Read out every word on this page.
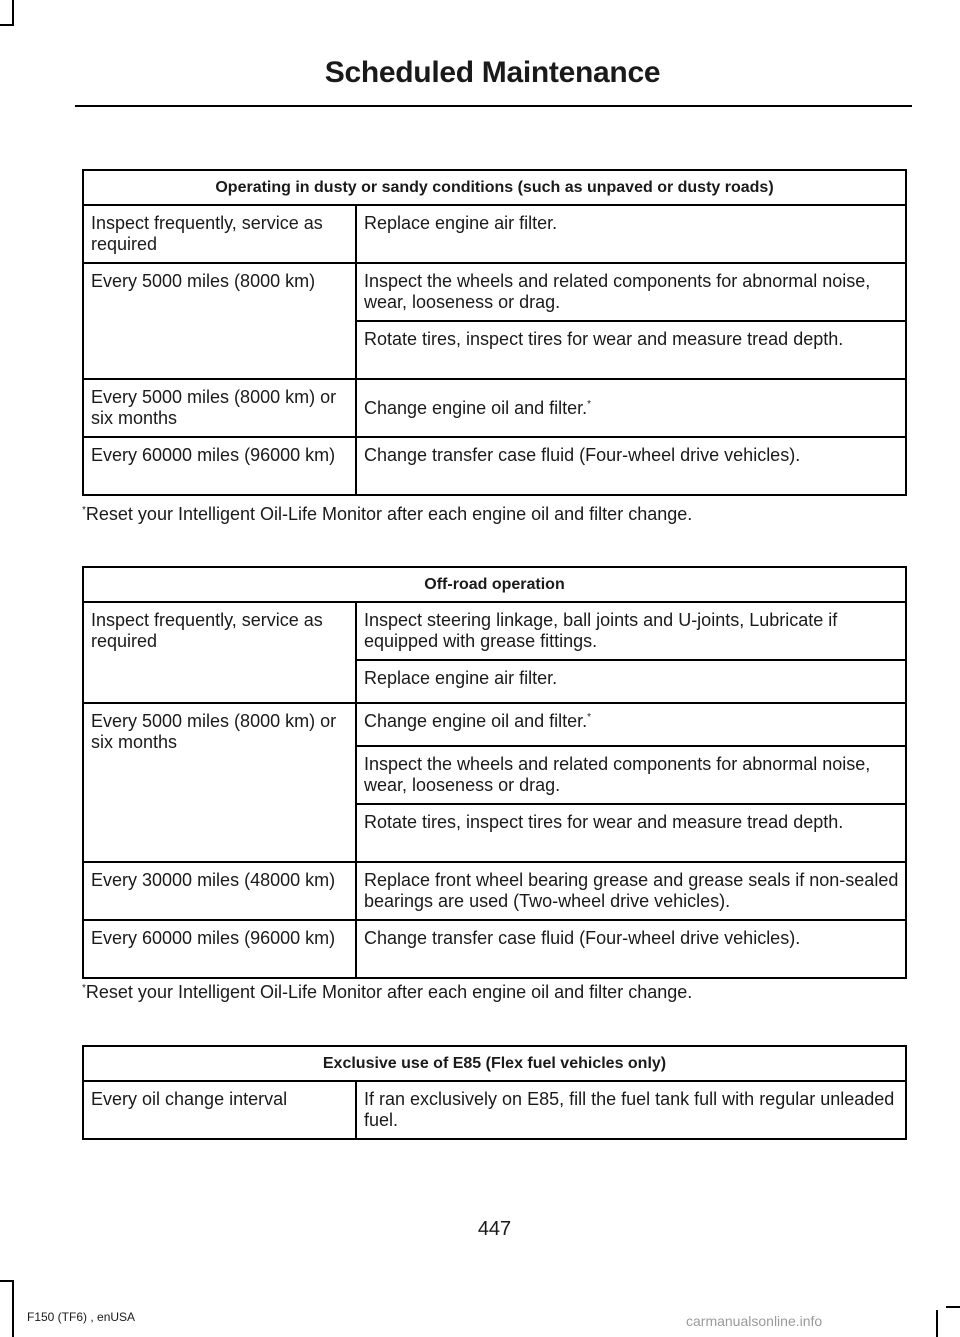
Scheduled Maintenance
Operating in dusty or sandy conditions (such as unpaved or dusty roads)	
Inspect frequently, service as required	Replace engine air filter.
Every 5000 miles (8000 km)	Inspect the wheels and related components for abnormal noise, wear, looseness or drag.
	Rotate tires, inspect tires for wear and measure tread depth.
Every 5000 miles (8000 km) or six months	Change engine oil and filter.*
Every 60000 miles (96000 km)	Change transfer case fluid (Four-wheel drive vehicles).
*Reset your Intelligent Oil-Life Monitor after each engine oil and filter change.
Off-road operation	
Inspect frequently, service as required	Inspect steering linkage, ball joints and U-joints, Lubricate if equipped with grease fittings.
	Replace engine air filter.
Every 5000 miles (8000 km) or six months	Change engine oil and filter.*
	Inspect the wheels and related components for abnormal noise, wear, looseness or drag.
	Rotate tires, inspect tires for wear and measure tread depth.
Every 30000 miles (48000 km)	Replace front wheel bearing grease and grease seals if non-sealed bearings are used (Two-wheel drive vehicles).
Every 60000 miles (96000 km)	Change transfer case fluid (Four-wheel drive vehicles).
*Reset your Intelligent Oil-Life Monitor after each engine oil and filter change.
Exclusive use of E85 (Flex fuel vehicles only)
Every oil change interval	If ran exclusively on E85, fill the fuel tank full with regular unleaded fuel.
447
F150 (TF6) , enUSA	carmanualsonline.info
